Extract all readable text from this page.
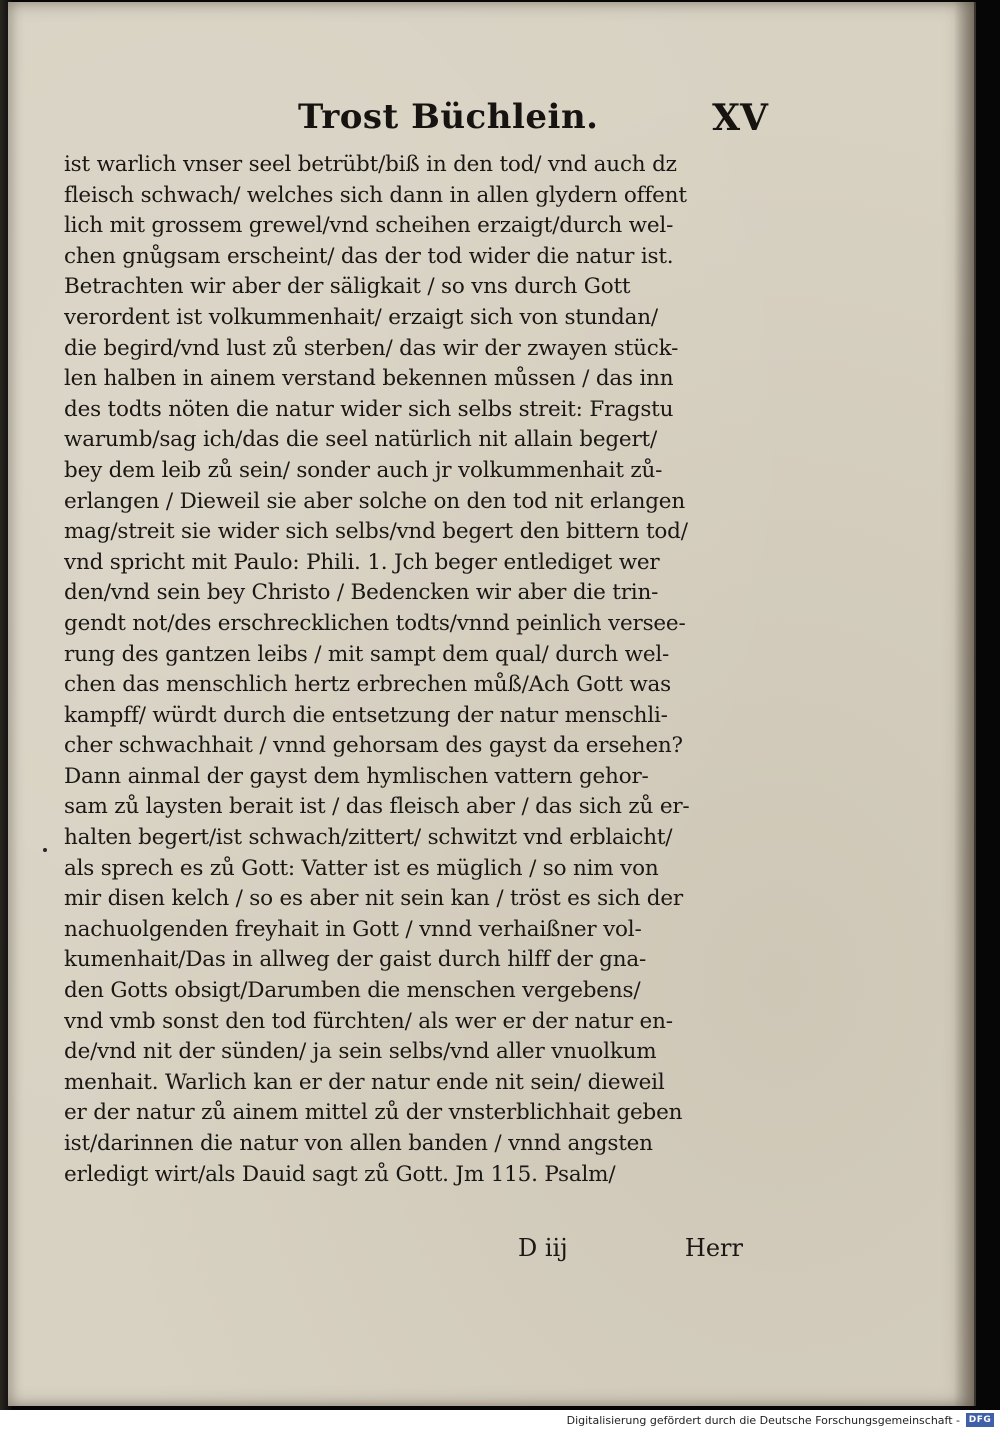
Trost Büchlein.	XV
ist warlich vnser seel betrübt/biß in den tod/ vnd auch dz
fleisch schwach/ welches sich dann in allen glydern offent
lich mit grossem grewel/vnd scheihen erzaigt/durch wel-
chen gnůgsam erscheint/ das der tod wider die natur ist.
Betrachten wir aber der säligkait / so vns durch Gott
verordent ist volkummenhait/ erzaigt sich von stundan/
die begird/vnd lust zů sterben/ das wir der zwayen stück-
len halben in ainem verstand bekennen můssen / das inn
des todts nöten die natur wider sich selbs streit: Fragstu
warumb/sag ich/das die seel natürlich nit allain begert/
bey dem leib zů sein/ sonder auch jr volkummenhait zů-
erlangen / Dieweil sie aber solche on den tod nit erlangen
mag/streit sie wider sich selbs/vnd begert den bittern tod/
vnd spricht mit Paulo: Phili. 1. Jch beger entlediget wer
den/vnd sein bey Christo / Bedencken wir aber die trin-
gendt not/des erschrecklichen todts/vnnd peinlich versee-
rung des gantzen leibs / mit sampt dem qual/ durch wel-
chen das menschlich hertz erbrechen můß/Ach Gott was
kampff/ würdt durch die entsetzung der natur menschli-
cher schwachhait / vnnd gehorsam des gayst da ersehen?
Dann ainmal der gayst dem hymlischen vattern gehor-
sam zů laysten berait ist / das fleisch aber / das sich zů er-
halten begert/ist schwach/zittert/ schwitzt vnd erblaicht/
als sprech es zů Gott: Vatter ist es müglich / so nim von
mir disen kelch / so es aber nit sein kan / tröst es sich der
nachuolgenden freyhait in Gott / vnnd verhaißner vol-
kumenhait/Das in allweg der gaist durch hilff der gna-
den Gotts obsigt/Darumben die menschen vergebens/
vnd vmb sonst den tod fürchten/ als wer er der natur en-
de/vnd nit der sünden/ ja sein selbs/vnd aller vnuolkum
menhait. Warlich kan er der natur ende nit sein/ dieweil
er der natur zů ainem mittel zů der vnsterblichhait geben
ist/darinnen die natur von allen banden / vnnd angsten
erledigt wirt/als Dauid sagt zů Gott. Jm 115. Psalm/
D iij	Herr
Digitalisierung gefördert durch die Deutsche Forschungsgemeinschaft - DFG
